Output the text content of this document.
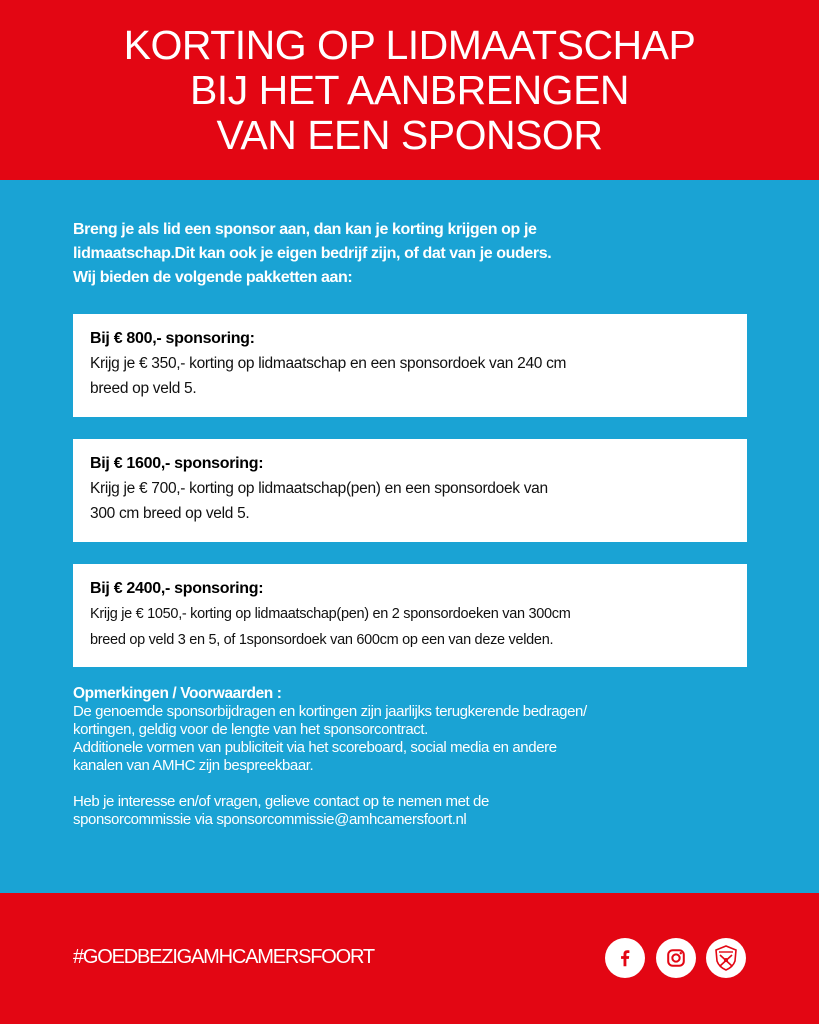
KORTING OP LIDMAATSCHAP
BIJ HET AANBRENGEN
VAN EEN SPONSOR
Breng je als lid een sponsor aan, dan kan je korting krijgen op je
lidmaatschap.Dit kan ook je eigen bedrijf zijn, of dat van je ouders.
Wij bieden de volgende pakketten aan:
Bij € 800,- sponsoring:
Krijg je € 350,- korting op lidmaatschap en een sponsordoek van 240 cm
breed op veld 5.
Bij € 1600,- sponsoring:
Krijg je € 700,- korting op lidmaatschap(pen) en een sponsordoek van
300 cm breed op veld 5.
Bij € 2400,- sponsoring:
Krijg je € 1050,- korting op lidmaatschap(pen) en 2 sponsordoeken van 300cm
breed op veld 3 en 5, of 1sponsordoek van 600cm op een van deze velden.
Opmerkingen / Voorwaarden :
De genoemde sponsorbijdragen en kortingen zijn jaarlijks terugkerende bedragen/
kortingen, geldig voor de lengte van het sponsorcontract.
Additionele vormen van publiciteit via het scoreboard, social media en andere
kanalen van AMHC zijn bespreekbaar.
Heb je interesse en/of vragen, gelieve contact op te nemen met de
sponsorcommissie via sponsorcommissie@amhcamersfoort.nl
#GOEDBEZIGAMHCAMERSFOORT
